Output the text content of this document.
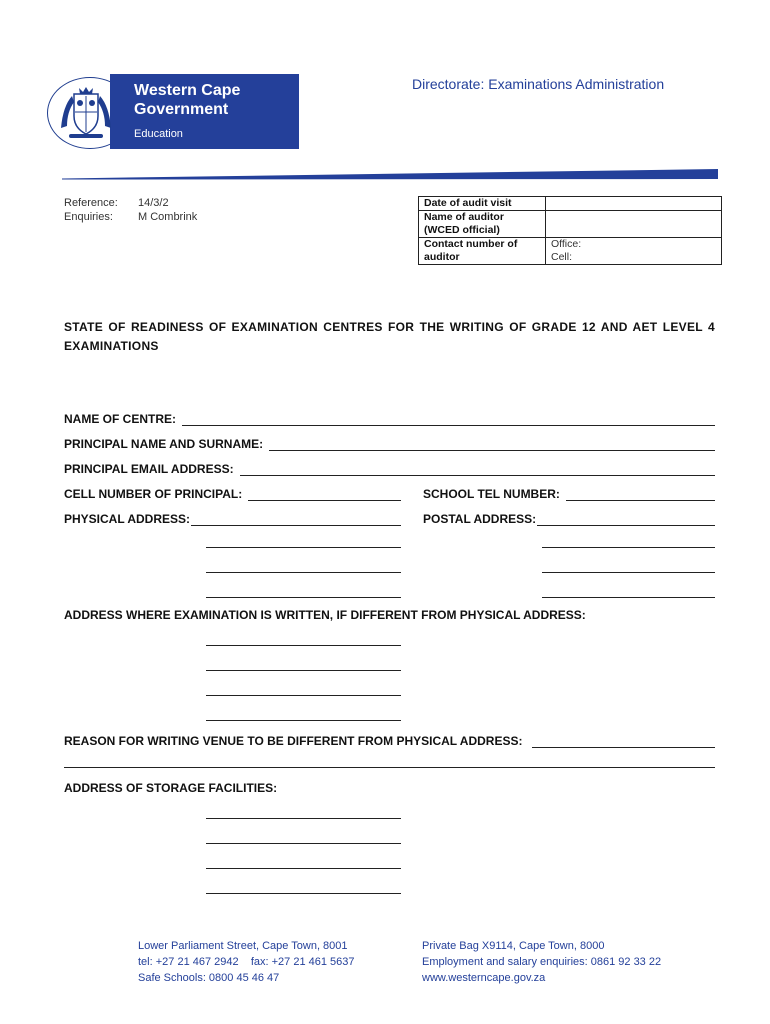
Western Cape
Government
Education
Directorate: Examinations Administration
Reference: 14/3/2
Enquiries: M Combrink
Date of audit visit	
Name of auditor (WCED official)	
Contact number of auditor	Office:
Cell:
STATE OF READINESS OF EXAMINATION CENTRES FOR THE WRITING OF GRADE 12 AND AET LEVEL 4 EXAMINATIONS
NAME OF CENTRE:
PRINCIPAL NAME AND SURNAME:
PRINCIPAL EMAIL ADDRESS:
CELL NUMBER OF PRINCIPAL:	SCHOOL TEL NUMBER:
PHYSICAL ADDRESS:	POSTAL ADDRESS:
ADDRESS WHERE EXAMINATION IS WRITTEN, IF DIFFERENT FROM PHYSICAL ADDRESS:
REASON FOR WRITING VENUE TO BE DIFFERENT FROM PHYSICAL ADDRESS:
ADDRESS OF STORAGE FACILITIES:
Lower Parliament Street, Cape Town, 8001
tel: +27 21 467 2942    fax: +27 21 461 5637
Safe Schools: 0800 45 46 47
Private Bag X9114, Cape Town, 8000
Employment and salary enquiries: 0861 92 33 22
www.westerncape.gov.za
